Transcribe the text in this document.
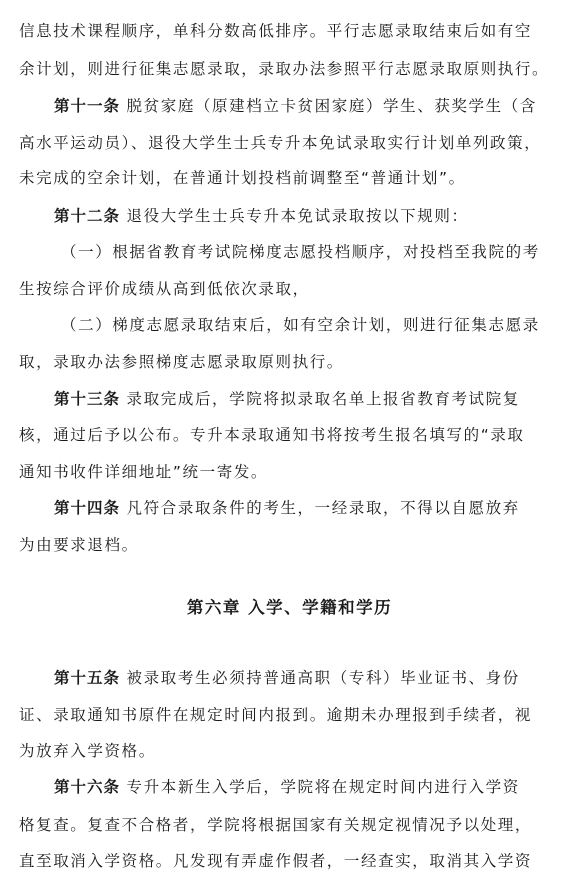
信息技术课程顺序，单科分数高低排序。平行志愿录取结束后如有空
余计划，则进行征集志愿录取，录取办法参照平行志愿录取原则执行。
第十一条 脱贫家庭（原建档立卡贫困家庭）学生、获奖学生（含
高水平运动员）、退役大学生士兵专升本免试录取实行计划单列政策，
未完成的空余计划，在普通计划投档前调整至“普通计划”。
第十二条 退役大学生士兵专升本免试录取按以下规则：
（一）根据省教育考试院梯度志愿投档顺序，对投档至我院的考
生按综合评价成绩从高到低依次录取，
（二）梯度志愿录取结束后，如有空余计划，则进行征集志愿录
取，录取办法参照梯度志愿录取原则执行。
第十三条 录取完成后，学院将拟录取名单上报省教育考试院复
核，通过后予以公布。专升本录取通知书将按考生报名填写的“录取
通知书收件详细地址”统一寄发。
第十四条 凡符合录取条件的考生，一经录取，不得以自愿放弃
为由要求退档。
第六章 入学、学籍和学历
第十五条 被录取考生必须持普通高职（专科）毕业证书、身份
证、录取通知书原件在规定时间内报到。逾期未办理报到手续者，视
为放弃入学资格。
第十六条 专升本新生入学后，学院将在规定时间内进行入学资
格复查。复查不合格者，学院将根据国家有关规定视情况予以处理，
直至取消入学资格。凡发现有弄虚作假者，一经查实，取消其入学资
